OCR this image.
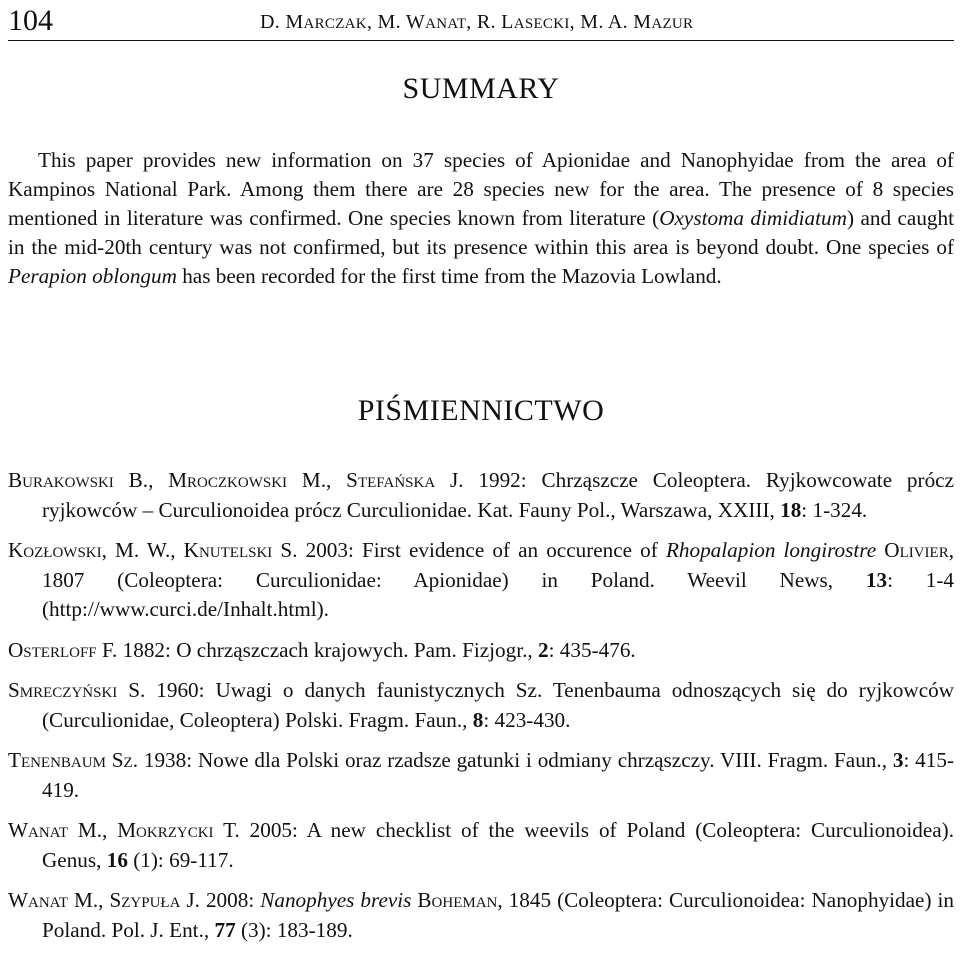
104	D. MARCZAK, M. WANAT, R. LASECKI, M. A. MAZUR
SUMMARY

This paper provides new information on 37 species of Apionidae and Nanophyidae from the area of Kampinos National Park. Among them there are 28 species new for the area. The presence of 8 species mentioned in literature was confirmed. One species known from literature (Oxystoma dimidiatum) and caught in the mid-20th century was not confirmed, but its presence within this area is beyond doubt. One species of Perapion oblongum has been recorded for the first time from the Mazovia Lowland.

PIŚMIENNICTWO

Burakowski B., Mroczkowski M., Stefańska J. 1992: Chrząszcze Coleoptera. Ryjkowcowate prócz ryjkowców – Curculionoidea prócz Curculionidae. Kat. Fauny Pol., Warszawa, XXIII, 18: 1-324.

Kozłowski, M. W., Knutelski S. 2003: First evidence of an occurence of Rhopalapion longirostre Olivier, 1807 (Coleoptera: Curculionidae: Apionidae) in Poland. Weevil News, 13: 1-4 (http://www.curci.de/Inhalt.html).

Osterloff F. 1882: O chrząszczach krajowych. Pam. Fizjogr., 2: 435-476.

Smreczyński S. 1960: Uwagi o danych faunistycznych Sz. Tenenbauma odnoszących się do ryjkowców (Curculionidae, Coleoptera) Polski. Fragm. Faun., 8: 423-430.

Tenenbaum Sz. 1938: Nowe dla Polski oraz rzadsze gatunki i odmiany chrząszczy. VIII. Fragm. Faun., 3: 415-419.

Wanat M., Mokrzycki T. 2005: A new checklist of the weevils of Poland (Coleoptera: Curculionoidea). Genus, 16 (1): 69-117.

Wanat M., Szypuła J. 2008: Nanophyes brevis Boheman, 1845 (Coleoptera: Curculionoidea: Nanophyidae) in Poland. Pol. J. Ent., 77 (3): 183-189.
